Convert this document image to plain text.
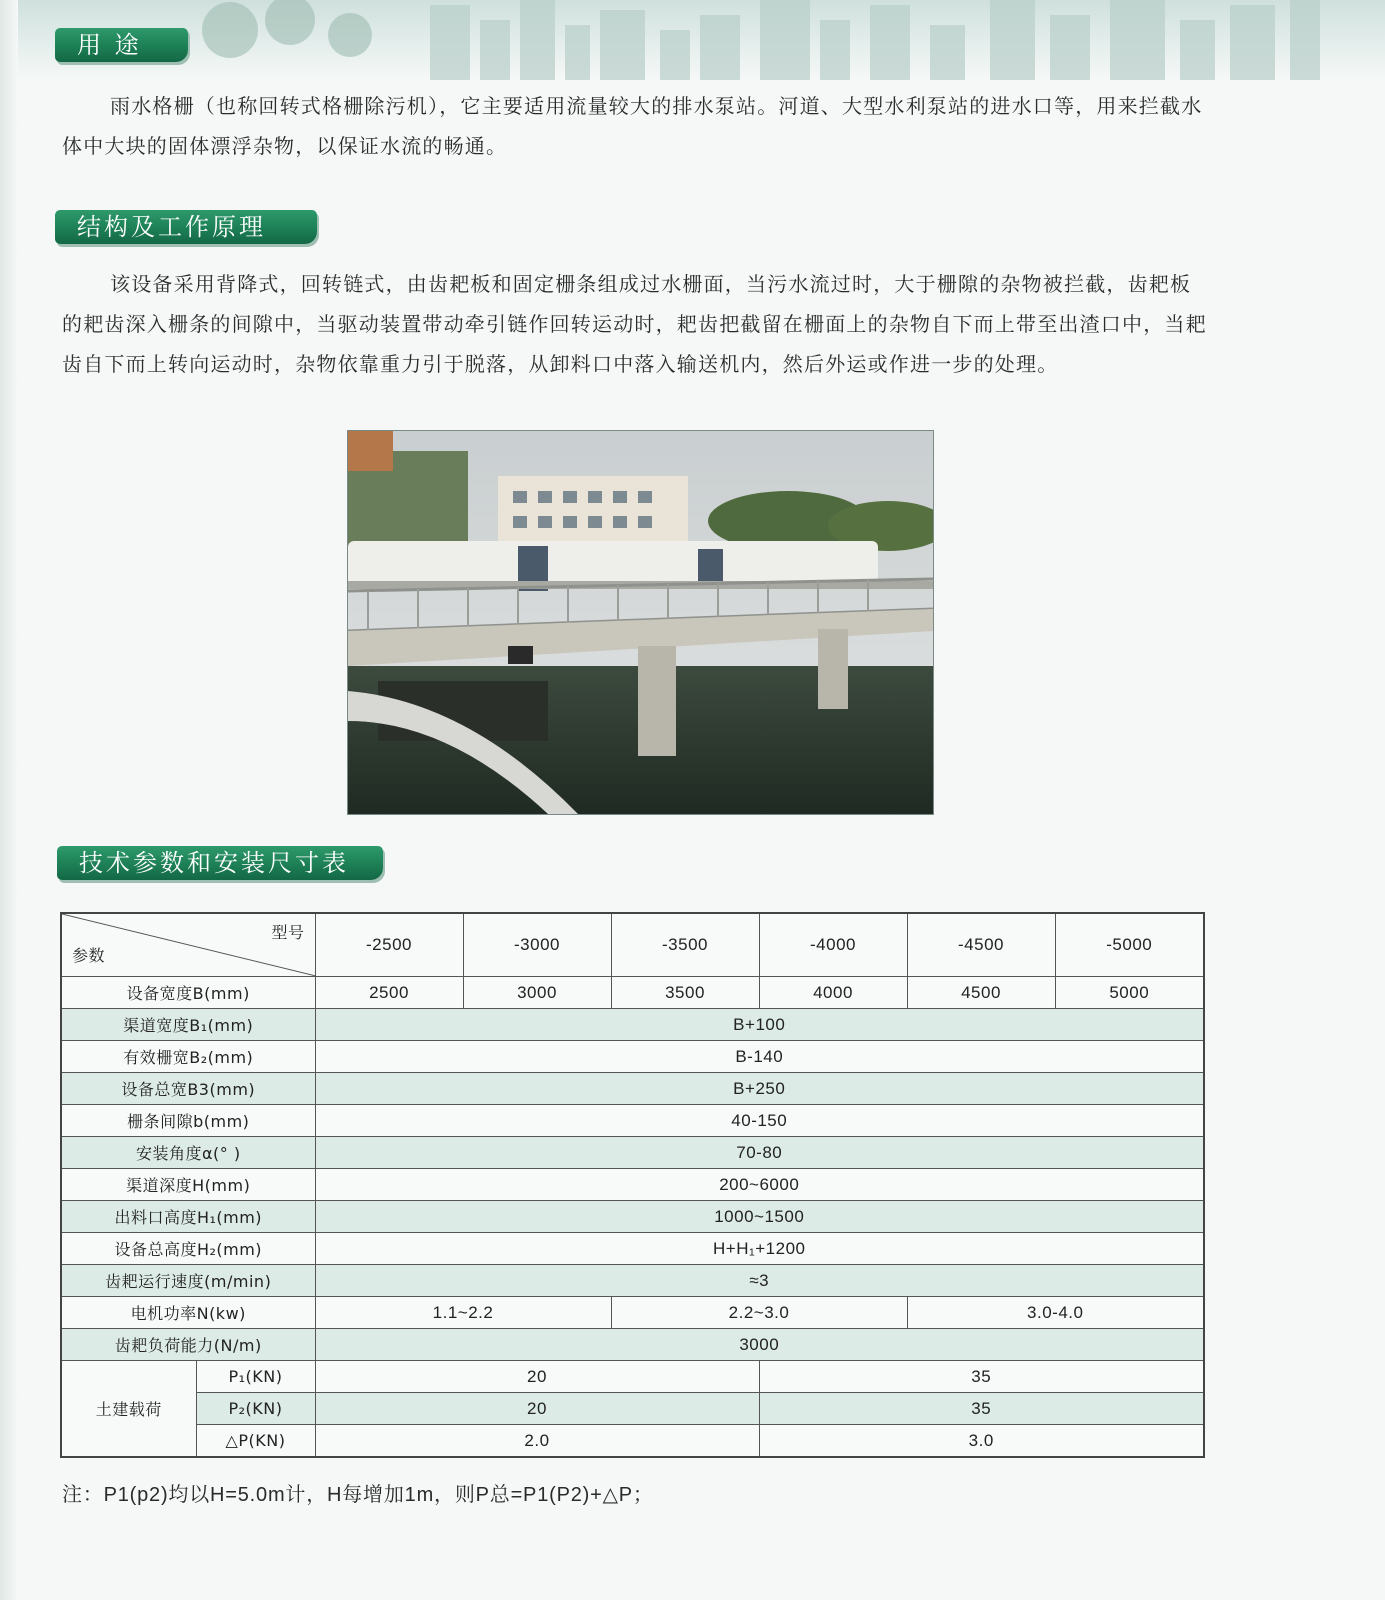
用 途

雨水格栅（也称回转式格栅除污机），它主要适用流量较大的排水泵站。河道、大型水利泵站的进水口等，用来拦截水体中大块的固体漂浮杂物，以保证水流的畅通。

结构及工作原理

该设备采用背降式，回转链式，由齿耙板和固定栅条组成过水栅面，当污水流过时，大于栅隙的杂物被拦截，齿耙板的耙齿深入栅条的间隙中，当驱动装置带动牵引链作回转运动时，耙齿把截留在栅面上的杂物自下而上带至出渣口中，当耙齿自下而上转向运动时，杂物依靠重力引于脱落，从卸料口中落入输送机内，然后外运或作进一步的处理。

技术参数和安装尺寸表
型号
参数		-2500	-3000	-3500	-4000	-4500	-5000
设备宽度B(mm)		2500	3000	3500	4000	4500	5000
渠道宽度B₁(mm)		B+100					
有效栅宽B₂(mm)		B-140					
设备总宽B3(mm)		B+250					
栅条间隙b(mm)		40-150					
安装角度α(° )		70-80					
渠道深度H(mm)		200~6000					
出料口高度H₁(mm)		1000~1500					
设备总高度H₂(mm)		H+H₁+1200					
齿耙运行速度(m/min)		≈3					
电机功率N(kw)		1.1~2.2		2.2~3.0		3.0-4.0	
齿耙负荷能力(N/m)		3000					
土建载荷	P₁(KN)	20			35		
	P₂(KN)	20			35		
	△P(KN)	2.0			3.0		
注：P1(p2)均以H=5.0m计，H每增加1m，则P总=P1(P2)+△P；
